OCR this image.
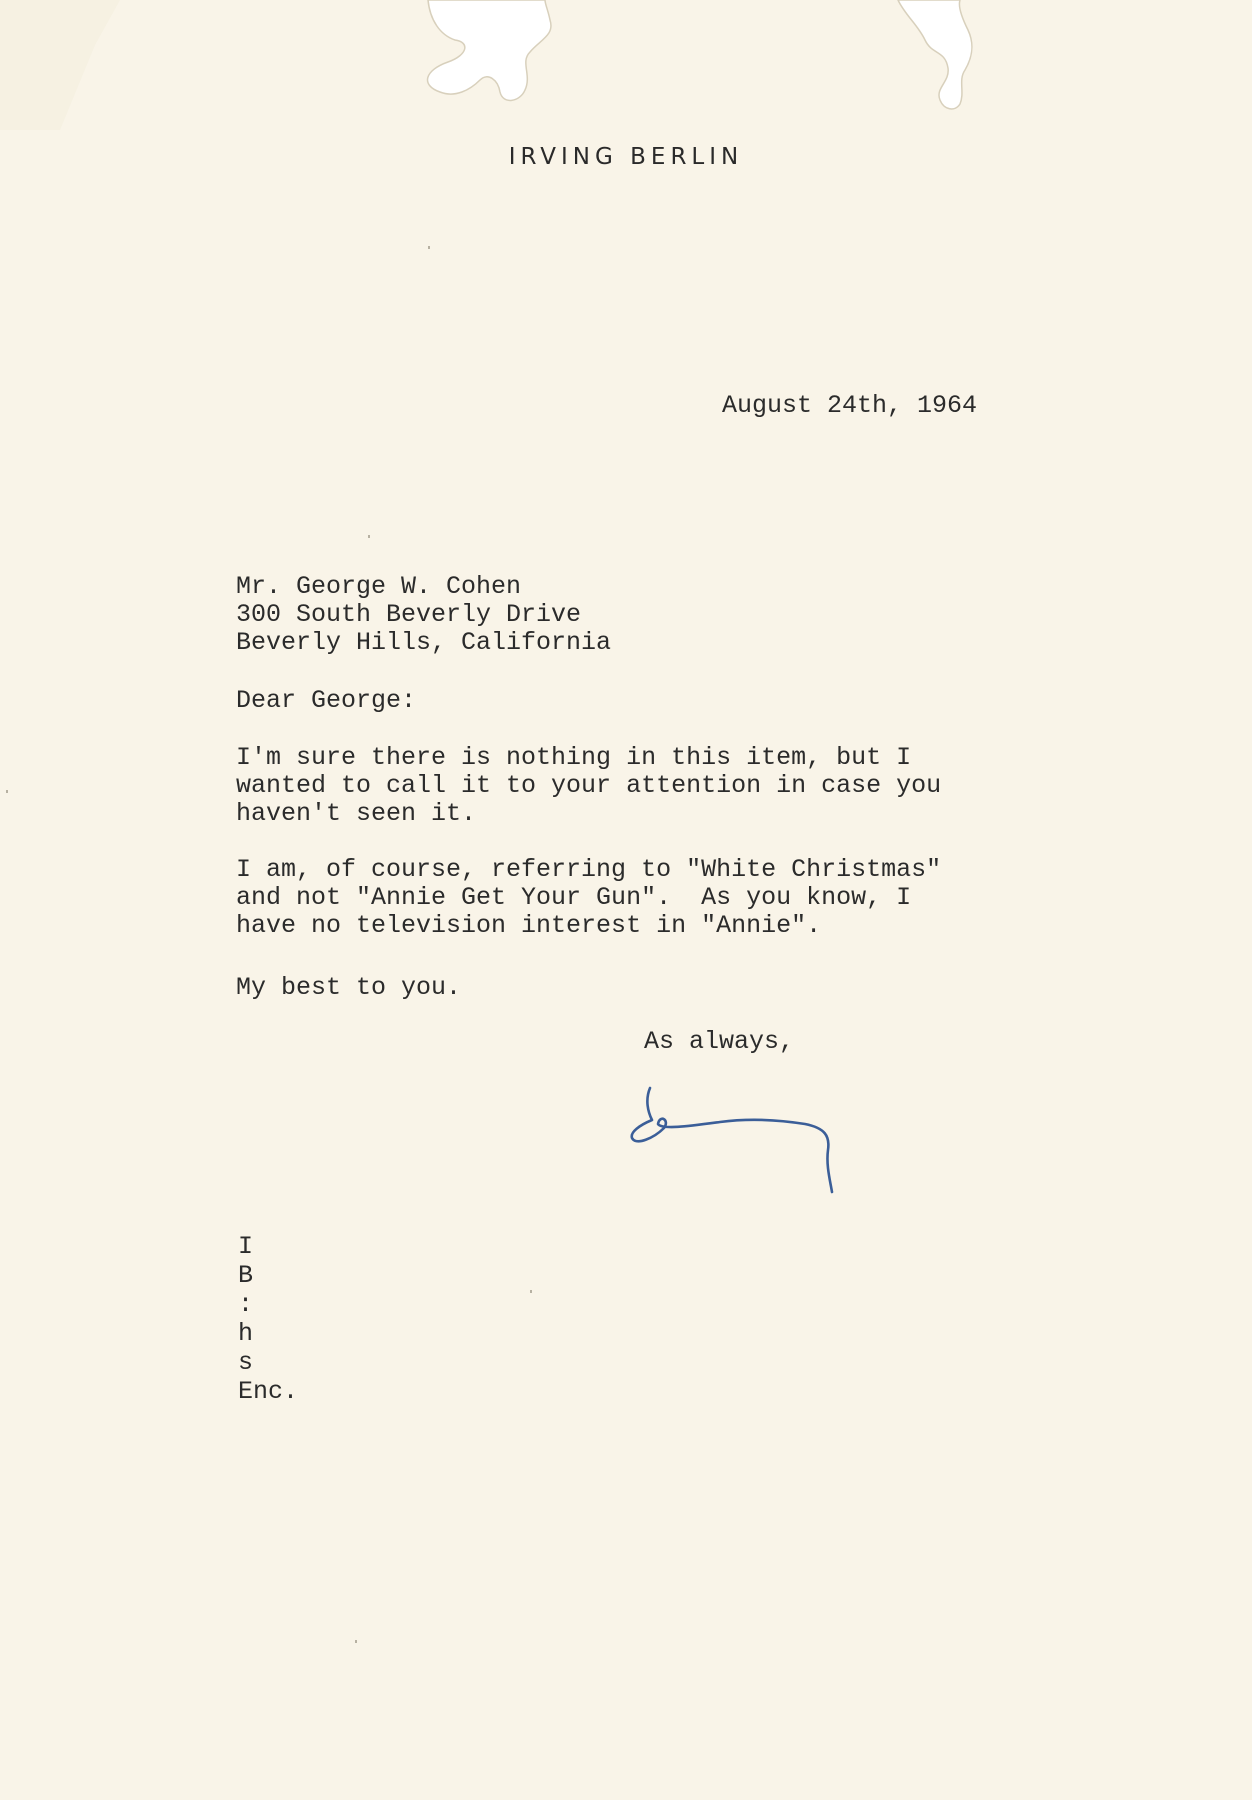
IRVING BERLIN
August 24th, 1964
Mr. George W. Cohen
300 South Beverly Drive
Beverly Hills, California
Dear George:
I'm sure there is nothing in this item, but I
wanted to call it to your attention in case you
haven't seen it.
I am, of course, referring to "White Christmas"
and not "Annie Get Your Gun".  As you know, I
have no television interest in "Annie".
My best to you.
As always,
I
B
:
h
s
Enc.
